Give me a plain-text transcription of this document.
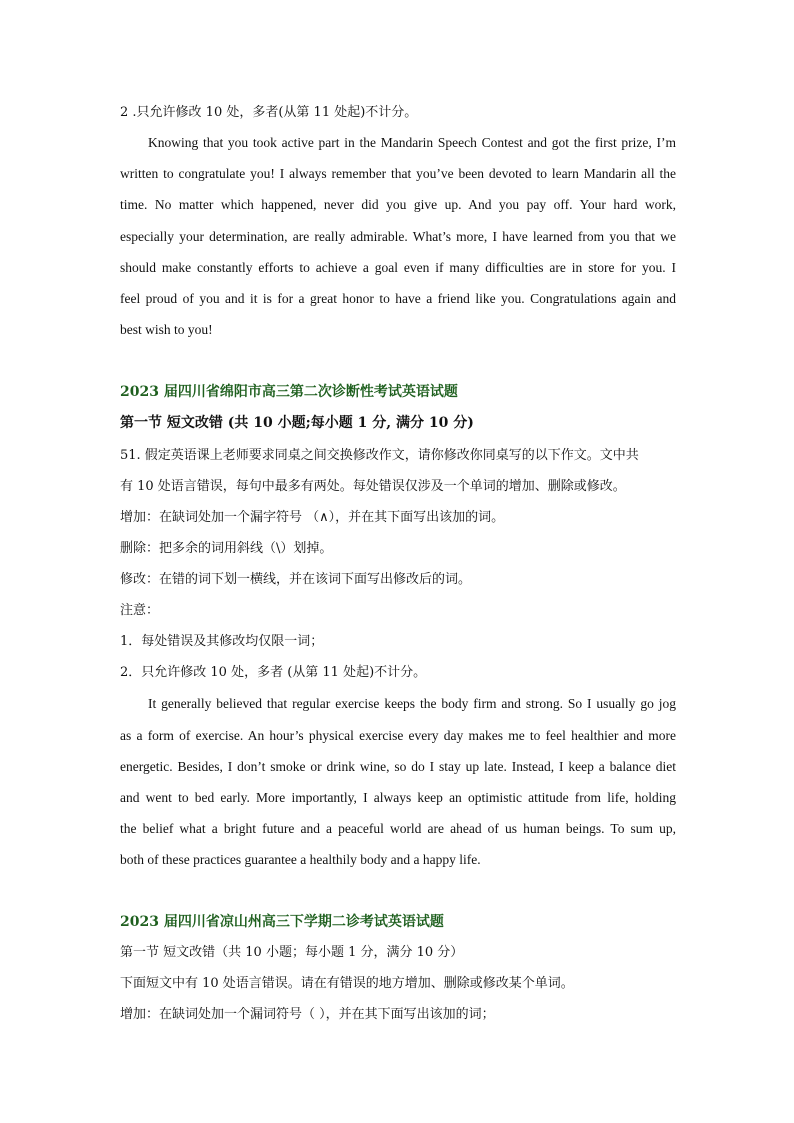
2 .只允许修改 10 处，多者(从第 11 处起)不计分。
Knowing that you took active part in the Mandarin Speech Contest and got the first prize, I’m
written to congratulate you! I always remember that you’ve been devoted to learn Mandarin all the
time. No matter which happened, never did you give up. And you pay off. Your hard work,
especially your determination, are really admirable. What’s more, I have learned from you that we
should make constantly efforts to achieve a goal even if many difficulties are in store for you. I
feel proud of you and it is for a great honor to have a friend like you. Congratulations again and
best wish to you!
2023 届四川省绵阳市高三第二次诊断性考试英语试题
第一节 短文改错 (共 10 小题;每小题 1 分, 满分 10 分)
51. 假定英语课上老师要求同桌之间交换修改作文，请你修改你同桌写的以下作文。文中共
有 10 处语言错误，每句中最多有两处。每处错误仅涉及一个单词的增加、删除或修改。
增加：在缺词处加一个漏字符号 （∧），并在其下面写出该加的词。
删除：把多余的词用斜线（\）划掉。
修改：在错的词下划一横线，并在该词下面写出修改后的词。
注意：
1．每处错误及其修改均仅限一词；
2．只允许修改 10 处，多者 (从第 11 处起)不计分。
It generally believed that regular exercise keeps the body firm and strong. So I usually go jog
as a form of exercise. An hour’s physical exercise every day makes me to feel healthier and more
energetic. Besides, I don’t smoke or drink wine, so do I stay up late. Instead, I keep a balance diet
and went to bed early. More importantly, I always keep an optimistic attitude from life, holding
the belief what a bright future and a peaceful world are ahead of us human beings. To sum up,
both of these practices guarantee a healthily body and a happy life.
2023 届四川省凉山州高三下学期二诊考试英语试题
第一节 短文改错（共 10 小题；每小题 1 分，满分 10 分）
下面短文中有 10 处语言错误。请在有错误的地方增加、删除或修改某个单词。
增加：在缺词处加一个漏词符号（ ），并在其下面写出该加的词；
